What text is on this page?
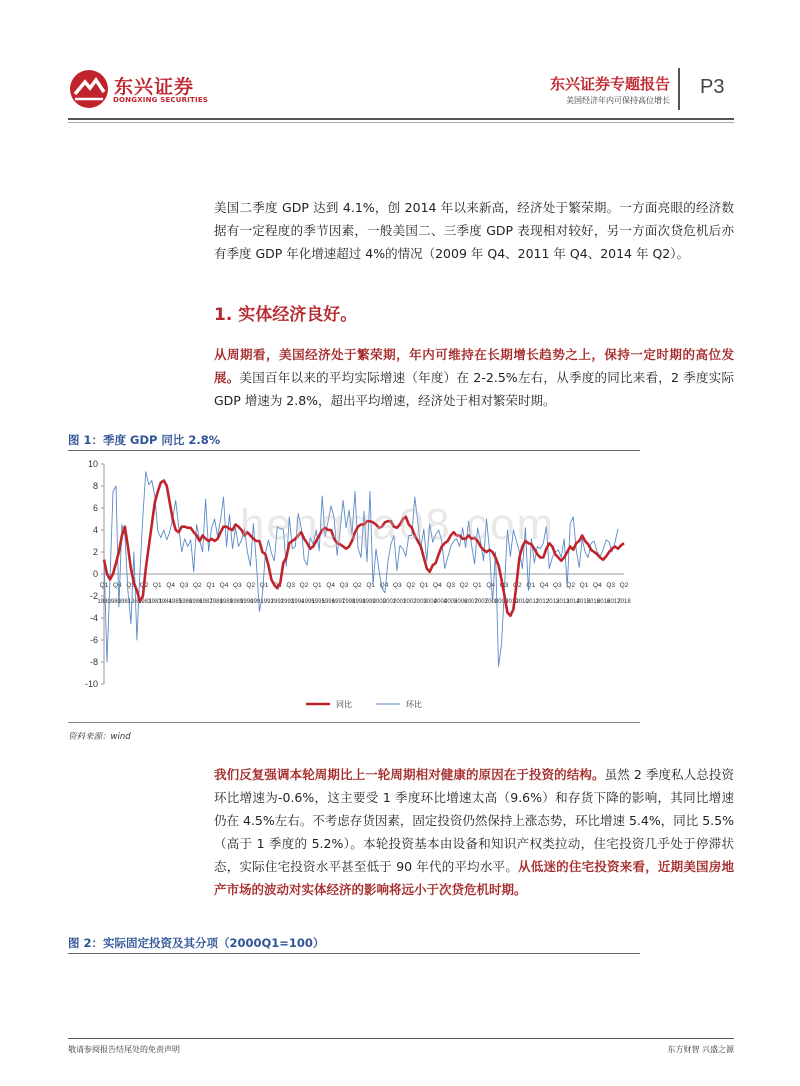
东兴证券
DONGXING SECURITIES
东兴证券专题报告
美国经济年内可保持高位增长
P3

美国二季度 GDP 达到 4.1%，创 2014 年以来新高，经济处于繁荣期。一方面亮眼的经济数据有一定程度的季节因素，一般美国二、三季度 GDP 表现相对较好，另一方面次贷危机后亦有季度 GDP 年化增速超过 4%的情况（2009 年 Q4、2011 年 Q4、2014 年 Q2）。

1. 实体经济良好。

从周期看，美国经济处于繁荣期，年内可维持在长期增长趋势之上，保持一定时期的高位发展。美国百年以来的平均实际增速（年度）在 2-2.5%左右，从季度的同比来看，2 季度实际 GDP 增速为 2.8%，超出平均增速，经济处于相对繁荣时期。

图 1：季度 GDP 同比 2.8%
10
8
6
4
2
0
-2
-4
-6
-8
-10
Q1 Q4 Q3 Q2 Q1 Q4 Q3 Q2 Q1 Q4 Q3 Q2 Q1 Q4 Q3 Q2 Q1 Q4 Q3 Q2 Q1 Q4 Q3 Q2 Q1 Q4 Q3 Q2 Q1 Q4 Q3 Q2 Q1 Q4 Q3 Q2 Q1 Q4 Q3 Q2
1980
1980
1981
1982
1983
1983
1984
1985
1986
1986
1987
1988
1989
1989
1990
1991
1992
1992
1993
1994
1995
1995
1996
1997
1998
1998
1999
2000
2001
2001
2002
2003
2004
2004
2005
2006
2007
2007
2008
2009
2010
2010
2011
2012
2013
2013
2014
2015
2016
2016
2017
2018
同比	环比
hengqa08.com
资料来源：wind

我们反复强调本轮周期比上一轮周期相对健康的原因在于投资的结构。虽然 2 季度私人总投资环比增速为-0.6%，这主要受 1 季度环比增速太高（9.6%）和存货下降的影响，其同比增速仍在 4.5%左右。不考虑存货因素，固定投资仍然保持上涨态势，环比增速 5.4%，同比 5.5%（高于 1 季度的 5.2%）。本轮投资基本由设备和知识产权类拉动，住宅投资几乎处于停滞状态，实际住宅投资水平甚至低于 90 年代的平均水平。从低迷的住宅投资来看，近期美国房地产市场的波动对实体经济的影响将远小于次贷危机时期。

图 2：实际固定投资及其分项（2000Q1=100）
敬请参阅报告结尾处的免责声明	东方财智 兴盛之源
